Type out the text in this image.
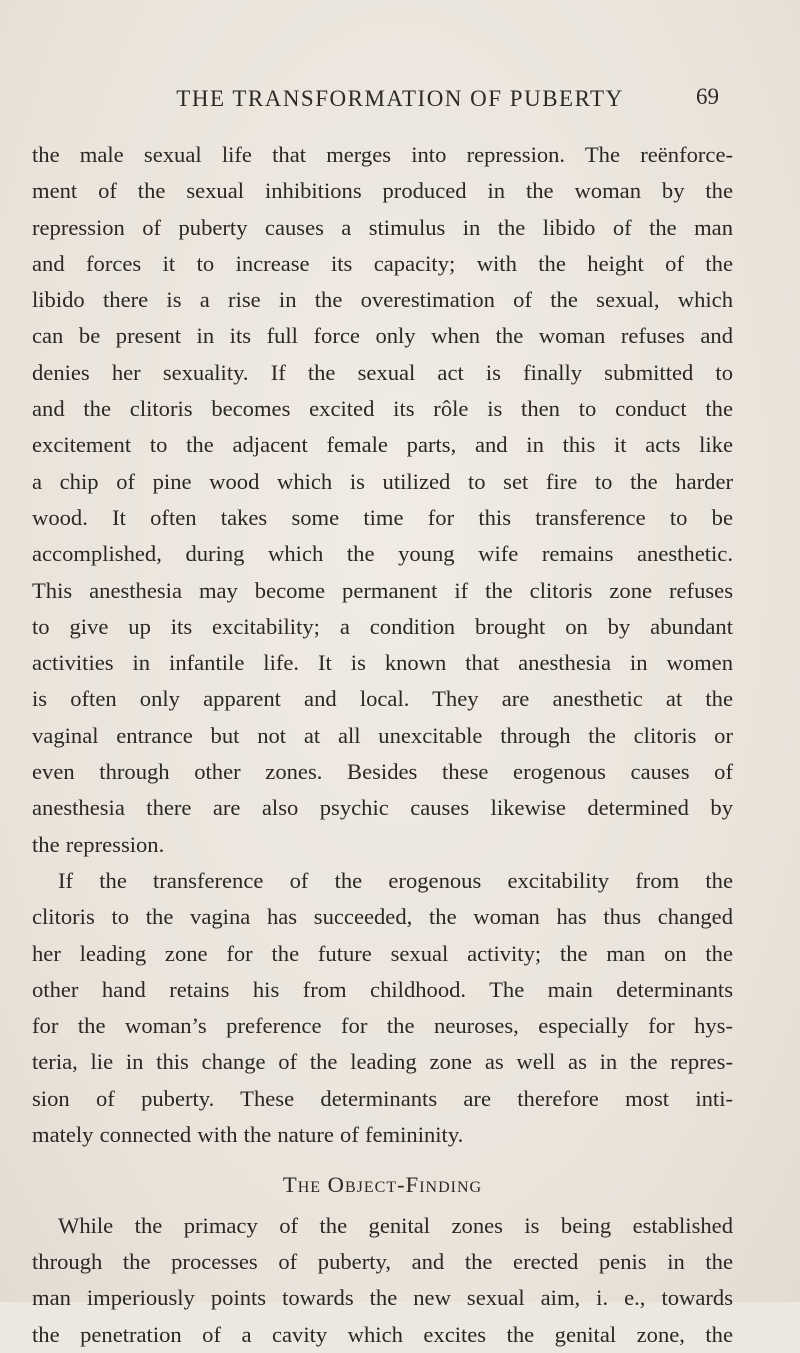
THE TRANSFORMATION OF PUBERTY	69
the male sexual life that merges into repression. The reënforce-
ment of the sexual inhibitions produced in the woman by the
repression of puberty causes a stimulus in the libido of the man
and forces it to increase its capacity; with the height of the
libido there is a rise in the overestimation of the sexual, which
can be present in its full force only when the woman refuses and
denies her sexuality. If the sexual act is finally submitted to
and the clitoris becomes excited its rôle is then to conduct the
excitement to the adjacent female parts, and in this it acts like
a chip of pine wood which is utilized to set fire to the harder
wood. It often takes some time for this transference to be
accomplished, during which the young wife remains anesthetic.
This anesthesia may become permanent if the clitoris zone refuses
to give up its excitability; a condition brought on by abundant
activities in infantile life. It is known that anesthesia in women
is often only apparent and local. They are anesthetic at the
vaginal entrance but not at all unexcitable through the clitoris or
even through other zones. Besides these erogenous causes of
anesthesia there are also psychic causes likewise determined by
the repression.
If the transference of the erogenous excitability from the
clitoris to the vagina has succeeded, the woman has thus changed
her leading zone for the future sexual activity; the man on the
other hand retains his from childhood. The main determinants
for the woman’s preference for the neuroses, especially for hys-
teria, lie in this change of the leading zone as well as in the repres-
sion of puberty. These determinants are therefore most inti-
mately connected with the nature of femininity.
The Object-Finding
While the primacy of the genital zones is being established
through the processes of puberty, and the erected penis in the
man imperiously points towards the new sexual aim, i. e., towards
the penetration of a cavity which excites the genital zone, the
